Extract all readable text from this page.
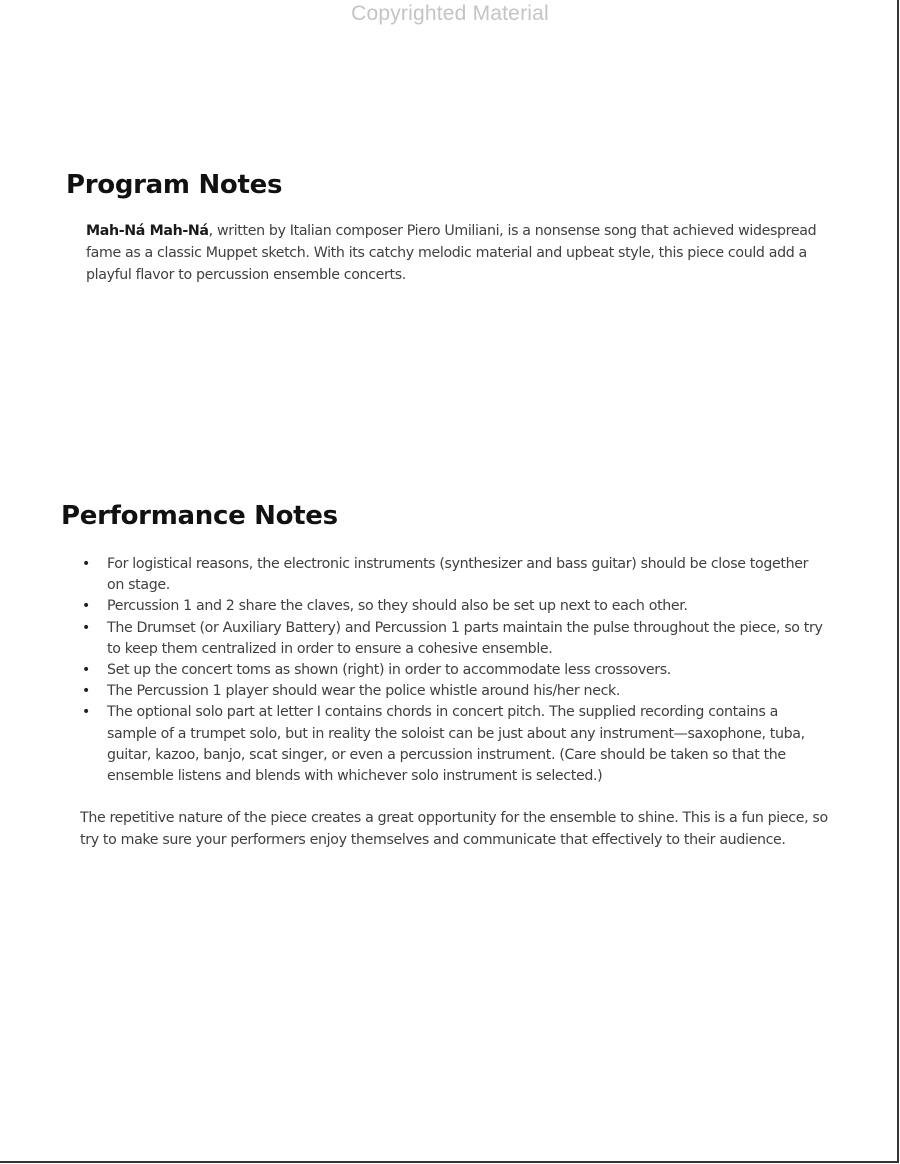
Copyrighted Material
Program Notes

Mah-Ná Mah-Ná, written by Italian composer Piero Umiliani, is a nonsense song that achieved widespread fame as a classic Muppet sketch. With its catchy melodic material and upbeat style, this piece could add a playful flavor to percussion ensemble concerts.

Performance Notes
• For logistical reasons, the electronic instruments (synthesizer and bass guitar) should be close together on stage.
• Percussion 1 and 2 share the claves, so they should also be set up next to each other.
• The Drumset (or Auxiliary Battery) and Percussion 1 parts maintain the pulse throughout the piece, so try to keep them centralized in order to ensure a cohesive ensemble.
• Set up the concert toms as shown (right) in order to accommodate less crossovers.
• The Percussion 1 player should wear the police whistle around his/her neck.
• The optional solo part at letter I contains chords in concert pitch. The supplied recording contains a sample of a trumpet solo, but in reality the soloist can be just about any instrument—saxophone, tuba, guitar, kazoo, banjo, scat singer, or even a percussion instrument. (Care should be taken so that the ensemble listens and blends with whichever solo instrument is selected.)

The repetitive nature of the piece creates a great opportunity for the ensemble to shine. This is a fun piece, so try to make sure your performers enjoy themselves and communicate that effectively to their audience.
